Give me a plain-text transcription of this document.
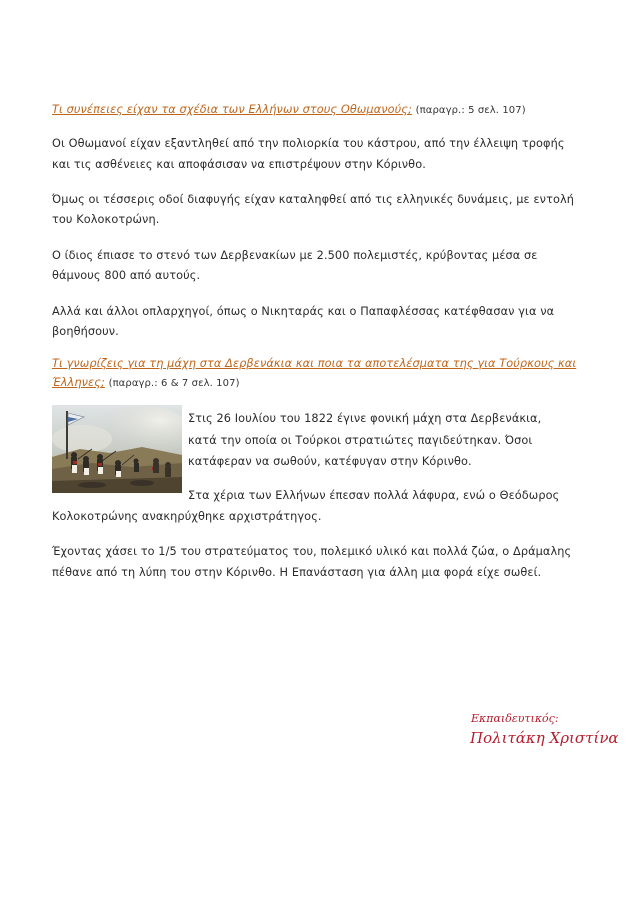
Τι συνέπειες είχαν τα σχέδια των Ελλήνων στους Οθωμανούς; (παραγρ.: 5 σελ. 107)
Οι Οθωμανοί είχαν εξαντληθεί από την πολιορκία του κάστρου, από την έλλειψη τροφής
και τις ασθένειες και αποφάσισαν να επιστρέψουν στην Κόρινθο.
Όμως οι τέσσερις οδοί διαφυγής είχαν καταληφθεί από τις ελληνικές δυνάμεις, με εντολή
του Κολοκοτρώνη.
Ο ίδιος έπιασε το στενό των Δερβενακίων με 2.500 πολεμιστές, κρύβοντας μέσα σε
θάμνους 800 από αυτούς.
Αλλά και άλλοι οπλαρχηγοί, όπως ο Νικηταράς και ο Παπαφλέσσας κατέφθασαν για να
βοηθήσουν.
Τι γνωρίζεις για τη μάχη στα Δερβενάκια και ποια τα αποτελέσματα της για Τούρκους και
Έλληνες; (παραγρ.: 6 & 7 σελ. 107)
Στις 26 Ιουλίου του 1822 έγινε φονική μάχη στα Δερβενάκια,
κατά την οποία οι Τούρκοι στρατιώτες παγιδεύτηκαν. Όσοι
κατάφεραν να σωθούν, κατέφυγαν στην Κόρινθο.
Στα χέρια των Ελλήνων έπεσαν πολλά λάφυρα, ενώ ο Θεόδωρος
Κολοκοτρώνης ανακηρύχθηκε αρχιστράτηγος.
Έχοντας χάσει το 1/5 του στρατεύματος του, πολεμικό υλικό και πολλά ζώα, ο Δράμαλης
πέθανε από τη λύπη του στην Κόρινθο. Η Επανάσταση για άλλη μια φορά είχε σωθεί.
Εκπαιδευτικός:
Πολιτάκη Χριστίνα
